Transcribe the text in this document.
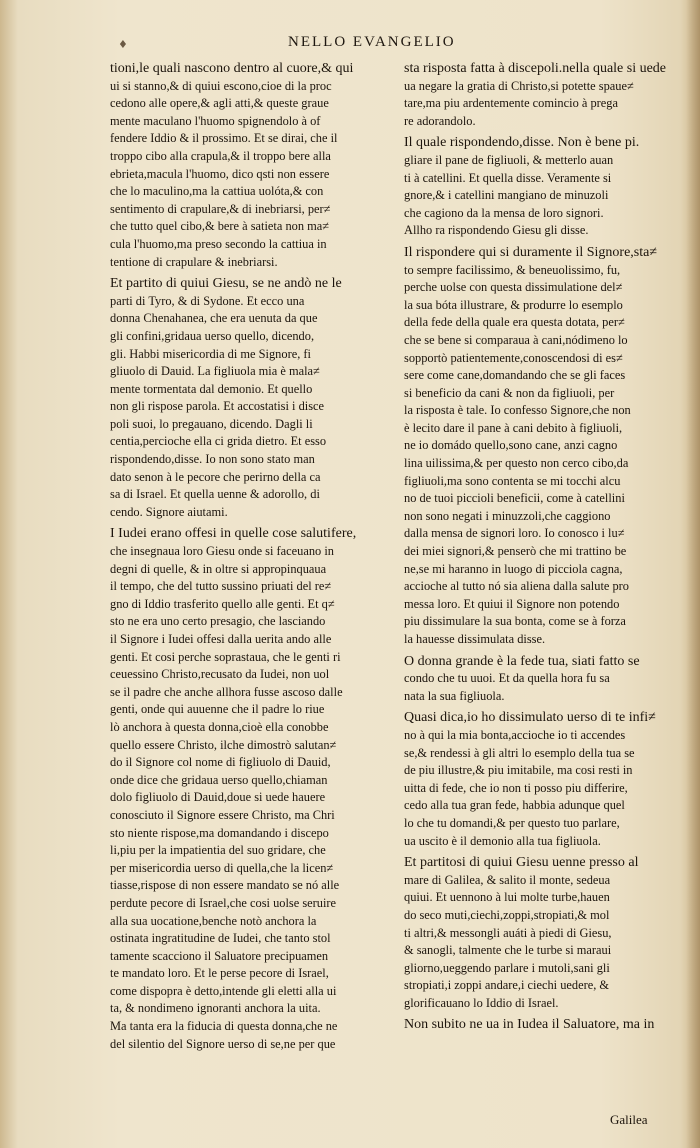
♦	NELLO EVANGELIO
tioni,le quali nascono dentro al cuore,& qui
ui si stanno,& di quiui escono,cioe di la proc
cedono alle opere,& agli atti,& queste graue
mente maculano l'huomo spignendolo à of
fendere Iddio & il prossimo. Et se dirai, che il
troppo cibo alla crapula,& il troppo bere alla
ebrieta,macula l'huomo, dico qsti non essere
che lo maculino,ma la cattiua uolóta,& con
sentimento di crapulare,& di inebriarsi, per≠
che tutto quel cibo,& bere à satieta non ma≠
cula l'huomo,ma preso secondo la cattiua in
tentione di crapulare & inebriarsi.
Et partito di quiui Giesu, se ne andò ne le
parti di Tyro, & di Sydone. Et ecco una
donna Chenahanea, che era uenuta da que
gli confini,gridaua uerso quello, dicendo,
gli. Habbi misericordia di me Signore, fi
gliuolo di Dauid. La figliuola mia è mala≠
mente tormentata dal demonio. Et quello
non gli rispose parola. Et accostatisi i disce
poli suoi, lo pregauano, dicendo. Dagli li
centia,percioche ella ci grida dietro. Et esso
rispondendo,disse. Io non sono stato man
dato senon à le pecore che perirno della ca
sa di Israel. Et quella uenne & adorollo, di
cendo. Signore aiutami.
I Iudei erano offesi in quelle cose salutifere,
che insegnaua loro Giesu onde si faceuano in
degni di quelle, & in oltre si appropinquaua
il tempo, che del tutto sussino priuati del re≠
gno di Iddio trasferito quello alle genti. Et q≠
sto ne era uno certo presagio, che lasciando
il Signore i Iudei offesi dalla uerita ando alle
genti. Et cosi perche soprastaua, che le genti ri
ceuessino Christo,recusato da Iudei, non uol
se il padre che anche allhora fusse ascoso dalle
genti, onde qui auuenne che il padre lo riue
lò anchora à questa donna,cioè ella conobbe
quello essere Christo, ilche dimostrò salutan≠
do il Signore col nome di figliuolo di Dauid,
onde dice che gridaua uerso quello,chiaman
dolo figliuolo di Dauid,doue si uede hauere
conosciuto il Signore essere Christo, ma Chri
sto niente rispose,ma domandando i discepo
li,piu per la impatientia del suo gridare, che
per misericordia uerso di quella,che la licen≠
tiasse,rispose di non essere mandato se nó alle
perdute pecore di Israel,che cosi uolse seruire
alla sua uocatione,benche notò anchora la
ostinata ingratitudine de Iudei, che tanto stol
tamente scacciono il Saluatore precipuamen
te mandato loro. Et le perse pecore di Israel,
come dispopra è detto,intende gli eletti alla ui
ta, & nondimeno ignoranti anchora la uita.
Ma tanta era la fiducia di questa donna,che ne
del silentio del Signore uerso di se,ne per que
sta risposta fatta à discepoli.nella quale si uede
ua negare la gratia di Christo,si potette spaue≠
tare,ma piu ardentemente comincio à prega
re adorandolo.
Il quale rispondendo,disse. Non è bene pi.
gliare il pane de figliuoli, & metterlo auan
ti à catellini. Et quella disse. Veramente si
gnore,& i catellini mangiano de minuzoli
che cagiono da la mensa de loro signori.
Allho ra rispondendo Giesu gli disse.
Il rispondere qui si duramente il Signore,sta≠
to sempre facilissimo, & beneuolissimo, fu,
perche uolse con questa dissimulatione del≠
la sua bóta illustrare, & produrre lo esemplo
della fede della quale era questa dotata, per≠
che se bene si comparaua à cani,nódimeno lo
sopportò patientemente,conoscendosi di es≠
sere come cane,domandando che se gli faces
si beneficio da cani & non da figliuoli, per
la risposta è tale. Io confesso Signore,che non
è lecito dare il pane à cani debito à figliuoli,
ne io domádo quello,sono cane, anzi cagno
lina uilissima,& per questo non cerco cibo,da
figliuoli,ma sono contenta se mi tocchi alcu
no de tuoi piccioli beneficii, come à catellini
non sono negati i minuzzoli,che caggiono
dalla mensa de signori loro. Io conosco i lu≠
dei miei signori,& penserò che mi trattino be
ne,se mi haranno in luogo di picciola cagna,
accioche al tutto nó sia aliena dalla salute pro
messa loro. Et quiui il Signore non potendo
piu dissimulare la sua bonta, come se à forza
la hauesse dissimulata disse.
O donna grande è la fede tua, siati fatto se
condo che tu uuoi. Et da quella hora fu sa
nata la sua figliuola.
Quasi dica,io ho dissimulato uerso di te infi≠
no à qui la mia bonta,accioche io ti accendes
se,& rendessi à gli altri lo esemplo della tua se
de piu illustre,& piu imitabile, ma cosi resti in
uitta di fede, che io non ti posso piu differire,
cedo alla tua gran fede, habbia adunque quel
lo che tu domandi,& per questo tuo parlare,
ua uscito è il demonio alla tua figliuola.
Et partitosi di quiui Giesu uenne presso al
mare di Galilea, & salito il monte, sedeua
quiui. Et uennono à lui molte turbe,hauen
do seco muti,ciechi,zoppi,stropiati,& mol
ti altri,& messongli auáti à piedi di Giesu,
& sanogli, talmente che le turbe si maraui
gliorno,ueggendo parlare i mutoli,sani gli
stropiati,i zoppi andare,i ciechi uedere, &
glorificauano lo Iddio di Israel.
Non subito ne ua in Iudea il Saluatore, ma in
Galilea
